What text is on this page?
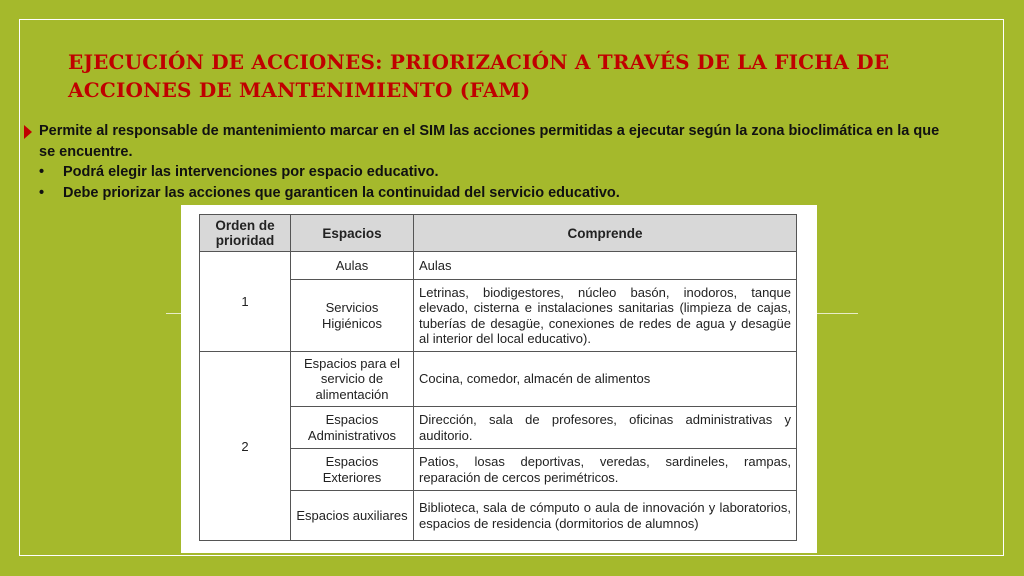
EJECUCIÓN DE ACCIONES: PRIORIZACIÓN A TRAVÉS DE LA FICHA DE ACCIONES DE MANTENIMIENTO (FAM)
Permite al responsable de mantenimiento marcar en el SIM las acciones permitidas a ejecutar según la zona bioclimática en la que se encuentre.
• Podrá elegir las intervenciones por espacio educativo.
• Debe priorizar las acciones que garanticen la continuidad del servicio educativo.
Orden de prioridad	Espacios	Comprende
1	Aulas	Aulas
	Servicios Higiénicos	Letrinas, biodigestores, núcleo basón, inodoros, tanque elevado, cisterna e instalaciones sanitarias (limpieza de cajas, tuberías de desagüe, conexiones de redes de agua y desagüe al interior del local educativo).
2	Espacios para el servicio de alimentación	Cocina, comedor, almacén de alimentos
	Espacios Administrativos	Dirección, sala de profesores, oficinas administrativas y auditorio.
	Espacios Exteriores	Patios, losas deportivas, veredas, sardineles, rampas, reparación de cercos perimétricos.
	Espacios auxiliares	Biblioteca, sala de cómputo o aula de innovación y laboratorios, espacios de residencia (dormitorios de alumnos)
